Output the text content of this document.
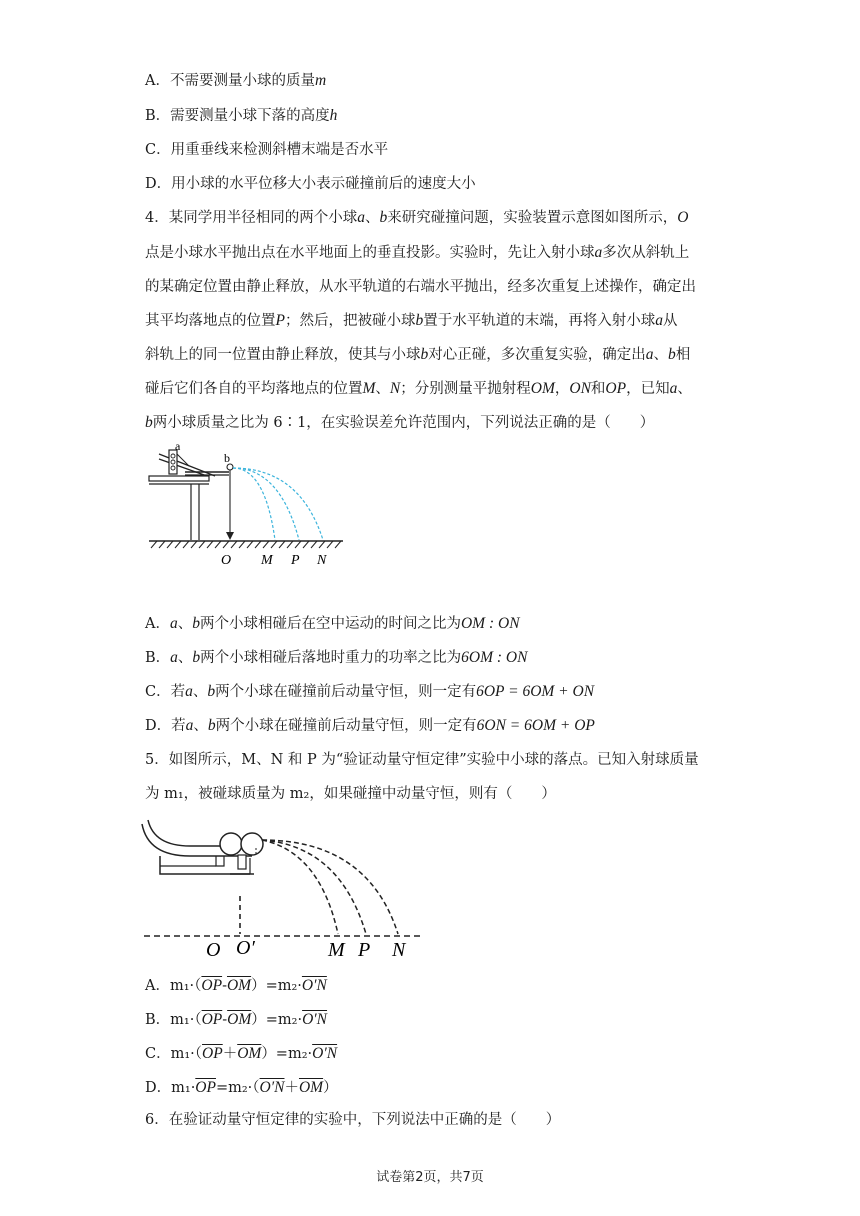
A．不需要测量小球的质量m
B．需要测量小球下落的高度h
C．用重垂线来检测斜槽末端是否水平
D．用小球的水平位移大小表示碰撞前后的速度大小
4．某同学用半径相同的两个小球a、b来研究碰撞问题，实验装置示意图如图所示，O
点是小球水平抛出点在水平地面上的垂直投影。实验时，先让入射小球a多次从斜轨上
的某确定位置由静止释放，从水平轨道的右端水平抛出，经多次重复上述操作，确定出
其平均落地点的位置P；然后，把被碰小球b置于水平轨道的末端，再将入射小球a从
斜轨上的同一位置由静止释放，使其与小球b对心正碰，多次重复实验，确定出a、b相
碰后它们各自的平均落地点的位置M、N；分别测量平抛射程OM，ON和OP，已知a、
b两小球质量之比为 6∶1，在实验误差允许范围内，下列说法正确的是（　　）
a
b
O M P N
A．a、b两个小球相碰后在空中运动的时间之比为OM : ON
B．a、b两个小球相碰后落地时重力的功率之比为6OM : ON
C．若a、b两个小球在碰撞前后动量守恒，则一定有6OP = 6OM + ON
D．若a、b两个小球在碰撞前后动量守恒，则一定有6ON = 6OM + OP
5．如图所示，M、N 和 P 为“验证动量守恒定律”实验中小球的落点。已知入射球质量
为 m₁，被碰球质量为 m₂，如果碰撞中动量守恒，则有（　　）
O O′	M P N
A．$m_1\cdot(\overline{OP}-\overline{OM})=m_2\cdot O'N$
B．$m_1\cdot(\overline{OP}-\overline{OM})=m_2\cdot O'N$
C．$m_1\cdot(\overline{OP}+\overline{OM})=m_2\cdot O'N$
D．$m_1\cdot\overline{OP}=m_2\cdot(O'N+\overline{OM})$
6．在验证动量守恒定律的实验中，下列说法中正确的是（　　）
试卷第2页，共7页
